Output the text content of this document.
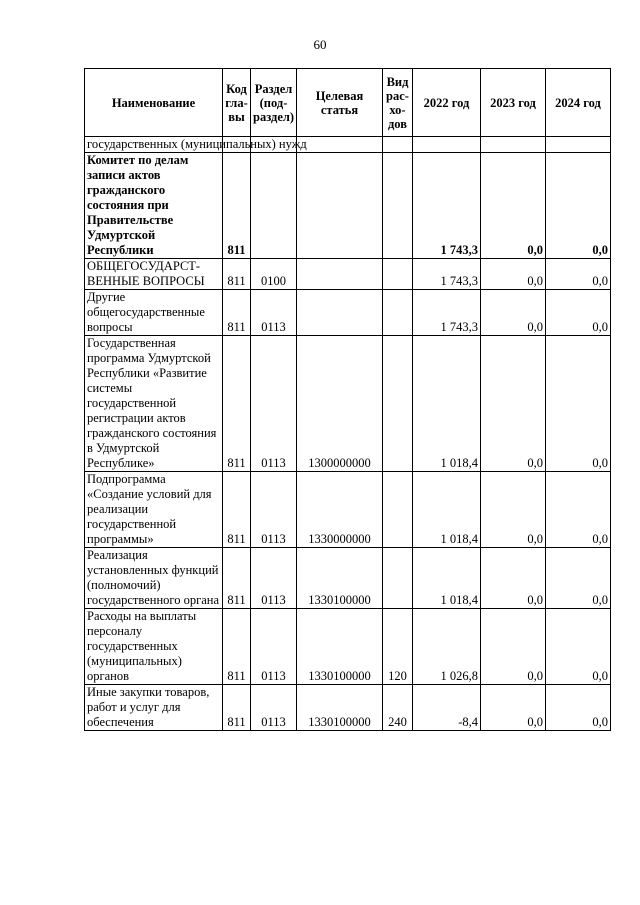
60
Наименование	Код гла-вы	Раздел (под-раздел)	Целевая статья	Вид рас-хо-дов	2022 год	2023 год	2024 год
государственных (муниципальных) нужд							
Комитет по делам записи актов гражданского состояния при Правительстве Удмуртской Республики	811				1 743,3	0,0	0,0
ОБЩЕГОСУДАРСТ-ВЕННЫЕ ВОПРОСЫ	811	0100			1 743,3	0,0	0,0
Другие общегосударственные вопросы	811	0113			1 743,3	0,0	0,0
Государственная программа Удмуртской Республики «Развитие системы государственной регистрации актов гражданского состояния в Удмуртской Республике»	811	0113	1300000000		1 018,4	0,0	0,0
Подпрограмма «Создание условий для реализации государственной программы»	811	0113	1330000000		1 018,4	0,0	0,0
Реализация установленных функций (полномочий) государственного органа	811	0113	1330100000		1 018,4	0,0	0,0
Расходы на выплаты персоналу государственных (муниципальных) органов	811	0113	1330100000	120	1 026,8	0,0	0,0
Иные закупки товаров, работ и услуг для обеспечения	811	0113	1330100000	240	-8,4	0,0	0,0
